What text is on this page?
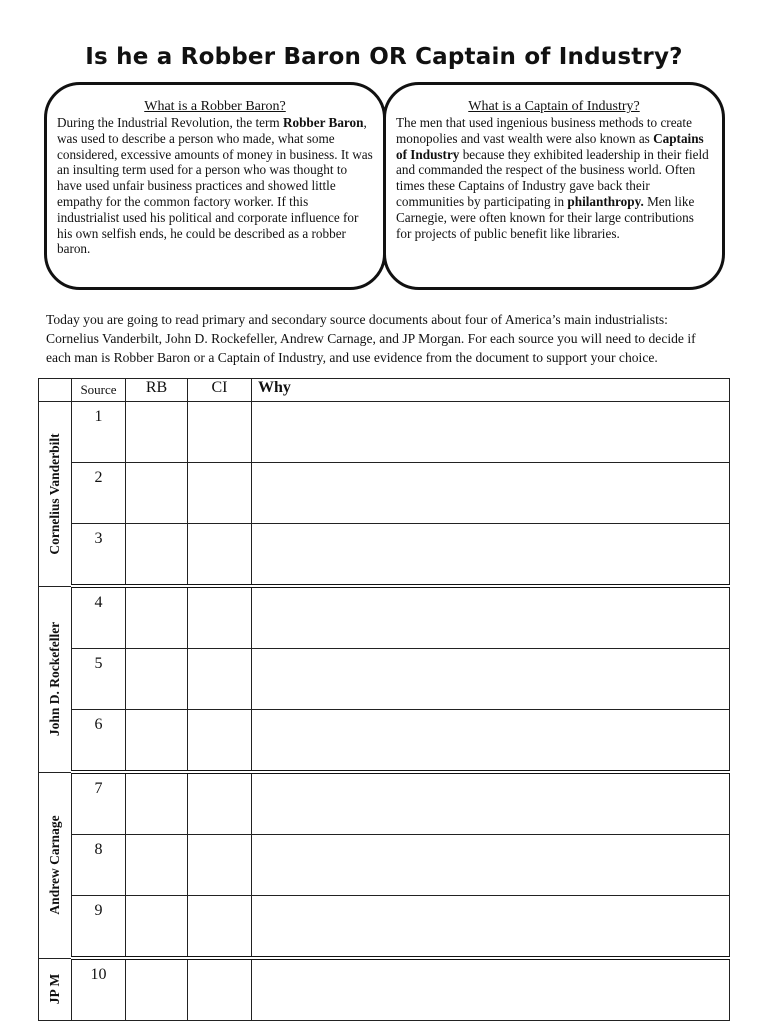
Is he a Robber Baron OR Captain of Industry?
What is a Robber Baron?

During the Industrial Revolution, the term Robber Baron, was used to describe a person who made, what some considered, excessive amounts of money in business. It was an insulting term used for a person who was thought to have used unfair business practices and showed little empathy for the common factory worker. If this industrialist used his political and corporate influence for his own selfish ends, he could be described as a robber baron.

What is a Captain of Industry?

The men that used ingenious business methods to create monopolies and vast wealth were also known as Captains of Industry because they exhibited leadership in their field and commanded the respect of the business world. Often times these Captains of Industry gave back their communities by participating in philanthropy. Men like Carnegie, were often known for their large contributions for projects of public benefit like libraries.

Today you are going to read primary and secondary source documents about four of America’s main industrialists: Cornelius Vanderbilt, John D. Rockefeller, Andrew Carnage, and JP Morgan. For each source you will need to decide if each man is Robber Baron or a Captain of Industry, and use evidence from the document to support your choice.

	Source	RB	CI	Why

Cornelius Vanderbilt	1			
	2			
	3			

John D. Rockefeller	4			
	5			
	6			

Andrew Carnage	7			
	8			
	9			

JP M	10			
